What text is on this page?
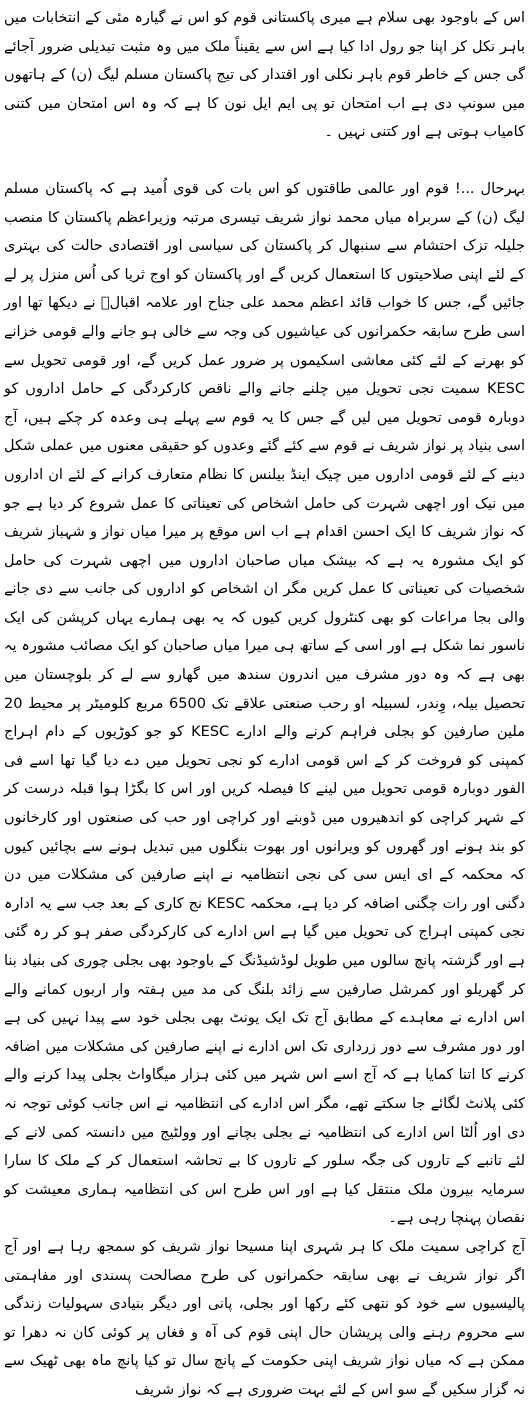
اس کے باوجود بھی سلام ہے میری پاکستانی قوم کو اس نے گیارہ مئی کے انتخابات میں باہر نکل کر اپنا جو رول ادا کیا ہے اس سے یقیناً ملک میں وہ مثبت تبدیلی ضرور آجائے گی جس کے خاطر قوم باہر نکلی اور اقتدار کی تیج پاکستان مسلم لیگ (ن) کے ہاتھوں میں سونپ دی ہے اب امتحان تو پی ایم ایل نون کا ہے کہ وہ اس امتحان میں کتنی کامیاب ہوتی ہے اور کتنی نہیں ۔

بہرحال ...! قوم اور عالمی طاقتوں کو اس بات کی قوی اُمید ہے کہ پاکستان مسلم لیگ (ن) کے سربراہ میاں محمد نواز شریف تیسری مرتبہ وزیراعظم پاکستان کا منصب جلیلہ تزک احتشام سے سنبھال کر پاکستان کی سیاسی اور اقتصادی حالت کی بہتری کے لئے اپنی صلاحیتوں کا استعمال کریں گے اور پاکستان کو اوج ثریا کی اُس منزل پر لے جائیں گے، جس کا خواب قائد اعظم محمد علی جناح اور علامہ اقبالؒ نے دیکھا تھا اور اسی طرح سابقہ حکمرانوں کی عیاشیوں کی وجہ سے خالی ہو جانے والے قومی خزانے کو بھرنے کے لئے کئی معاشی اسکیموں پر ضرور عمل کریں گے، اور قومی تحویل سے KESC سمیت نجی تحویل میں چلنے جانے والے ناقص کارکردگی کے حامل اداروں کو دوبارہ قومی تحویل میں لیں گے جس کا یہ قوم سے پہلے ہی وعدہ کر چکے ہیں، آج اسی بنیاد پر نواز شریف نے قوم سے کئے گئے وعدوں کو حقیقی معنوں میں عملی شکل دینے کے لئے قومی اداروں میں چیک اینڈ بیلنس کا نظام متعارف کرانے کے لئے ان اداروں میں نیک اور اچھی شہرت کی حامل اشخاص کی تعیناتی کا عمل شروع کر دیا ہے جو کہ نواز شریف کا ایک احسن اقدام ہے اب اس موقع پر میرا میاں نواز و شہباز شریف کو ایک مشورہ یہ ہے کہ بیشک میاں صاحبان اداروں میں اچھی شہرت کی حامل شخصیات کی تعیناتی کا عمل کریں مگر ان اشخاص کو اداروں کی جانب سے دی جانے والی بجا مراعات کو بھی کنٹرول کریں کیوں کہ یہ بھی ہمارے یہاں کرپشن کی ایک ناسور نما شکل ہے اور اسی کے ساتھ ہی میرا میاں صاحبان کو ایک مصائب مشورہ یہ بھی ہے کہ وہ دور مشرف میں اندرون سندھ میں گھارو سے لے کر بلوچستان میں تحصیل بیلہ، وِندر، لسبیلہ او رحب صنعتی علاقے تک 6500 مربع کلومیٹر پر محیط 20 ملین صارفین کو بجلی فراہم کرنے والے ادارے KESC کو جو کوڑیوں کے دام اہراج کمپنی کو فروخت کر کے اس قومی ادارے کو نجی تحویل میں دے دیا گیا تھا اسے فی الفور دوبارہ قومی تحویل میں لینے کا فیصلہ کریں اور اس کا بگڑا ہوا قبلہ درست کر کے شہر کراچی کو اندھیروں میں ڈوبنے اور کراچی اور حب کی صنعتوں اور کارخانوں کو بند ہونے اور گھروں کو ویرانوں اور بھوت بنگلوں میں تبدیل ہونے سے بچائیں کیوں کہ محکمہ کے ای ایس سی کی نجی انتظامیہ نے اپنے صارفین کی مشکلات میں دن دگنی اور رات چگنی اضافہ کر دیا ہے، محکمہ KESC نج کاری کے بعد جب سے یہ ادارہ نجی کمپنی اہراج کی تحویل میں گیا ہے اس ادارے کی کارکردگی صفر ہو کر رہ گئی ہے اور گزشتہ پانچ سالوں میں طویل لوڈشیڈنگ کے باوجود بھی بجلی چوری کی بنیاد بنا کر گھریلو اور کمرشل صارفین سے زائد بلنگ کی مد میں ہفتہ وار اربوں کمانے والے اس ادارے نے معاہدے کے مطابق آج تک ایک یونٹ بھی بجلی خود سے پیدا نہیں کی ہے اور دور مشرف سے دور زرداری تک اس ادارے نے اپنے صارفین کی مشکلات میں اضافہ کرنے کا اتنا کمایا ہے کہ آج اسے اس شہر میں کئی ہزار میگاواٹ بجلی پیدا کرنے والے کئی پلانٹ لگائے جا سکتے تھے، مگر اس ادارے کی انتظامیہ نے اس جانب کوئی توجہ نہ دی اور اُلٹا اس ادارے کی انتظامیہ نے بجلی بچانے اور وولٹیج میں دانستہ کمی لانے کے لئے تانبے کے تاروں کی جگہ سلور کے تاروں کا بے تحاشہ استعمال کر کے ملک کا سارا سرمایہ بیرون ملک منتقل کیا ہے اور اس طرح اس کی انتظامیہ ہماری معیشت کو نقصان پہنچا رہی ہے۔

آج کراچی سمیت ملک کا ہر شہری اپنا مسیحا نواز شریف کو سمجھ رہا ہے اور آج اگر نواز شریف نے بھی سابقہ حکمرانوں کی طرح مصالحت پسندی اور مفاہمتی پالیسیوں سے خود کو نتھی کئے رکھا اور بجلی، پانی اور دیگر بنیادی سہولیات زندگی سے محروم رہنے والی پریشان حال اپنی قوم کی آہ و فغاں پر کوئی کان نہ دھرا تو ممکن ہے کہ میاں نواز شریف اپنی حکومت کے پانچ سال تو کیا پانچ ماہ بھی ٹھیک سے نہ گزار سکیں گے سو اس کے لئے بہت ضروری ہے کہ نواز شریف
